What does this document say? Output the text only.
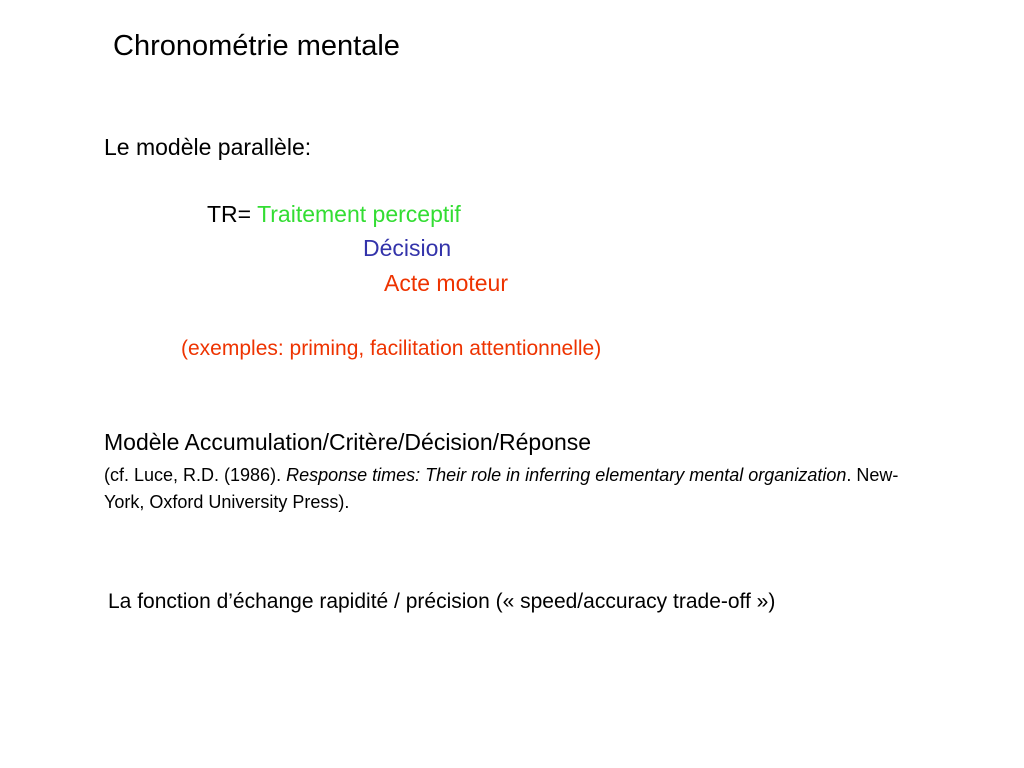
Chronométrie mentale
Le modèle parallèle:
TR= Traitement perceptif
Décision
Acte moteur
(exemples: priming, facilitation attentionnelle)
Modèle Accumulation/Critère/Décision/Réponse
(cf. Luce, R.D. (1986). Response times: Their role in inferring elementary mental organization. New-York, Oxford University Press).
La fonction d’échange rapidité / précision (« speed/accuracy trade-off »)
